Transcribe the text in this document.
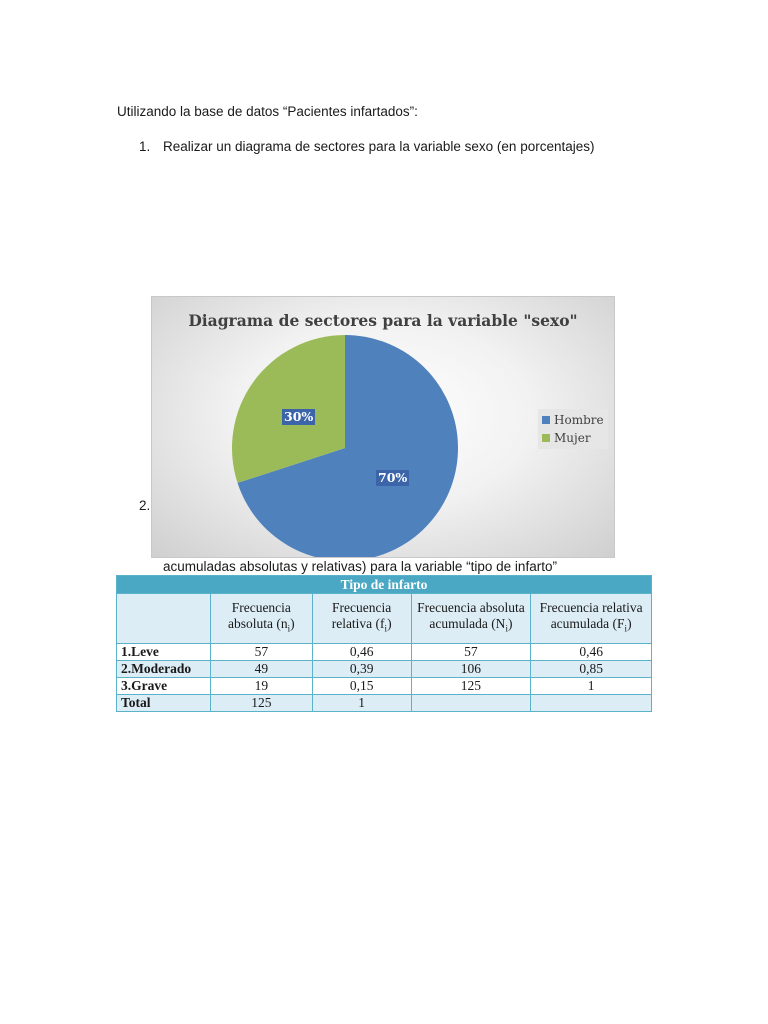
Utilizando la base de datos “Pacientes infartados”:
1. Realizar un diagrama de sectores para la variable sexo (en porcentajes)
Diagrama de sectores para la variable "sexo"
Hombre
Mujer
70%
30%
2.
acumuladas absolutas y relativas) para la variable “tipo de infarto”
Tipo de infarto				
	Frecuencia absoluta $(n_i)$	Frecuencia relativa $(f_i)$	Frecuencia absoluta acumulada $(N_i)$	Frecuencia relativa acumulada $(F_i)$
1.Leve	57	0,46	57	0,46
2.Moderado	49	0,39	106	0,85
3.Grave	19	0,15	125	1
Total	125	1		
